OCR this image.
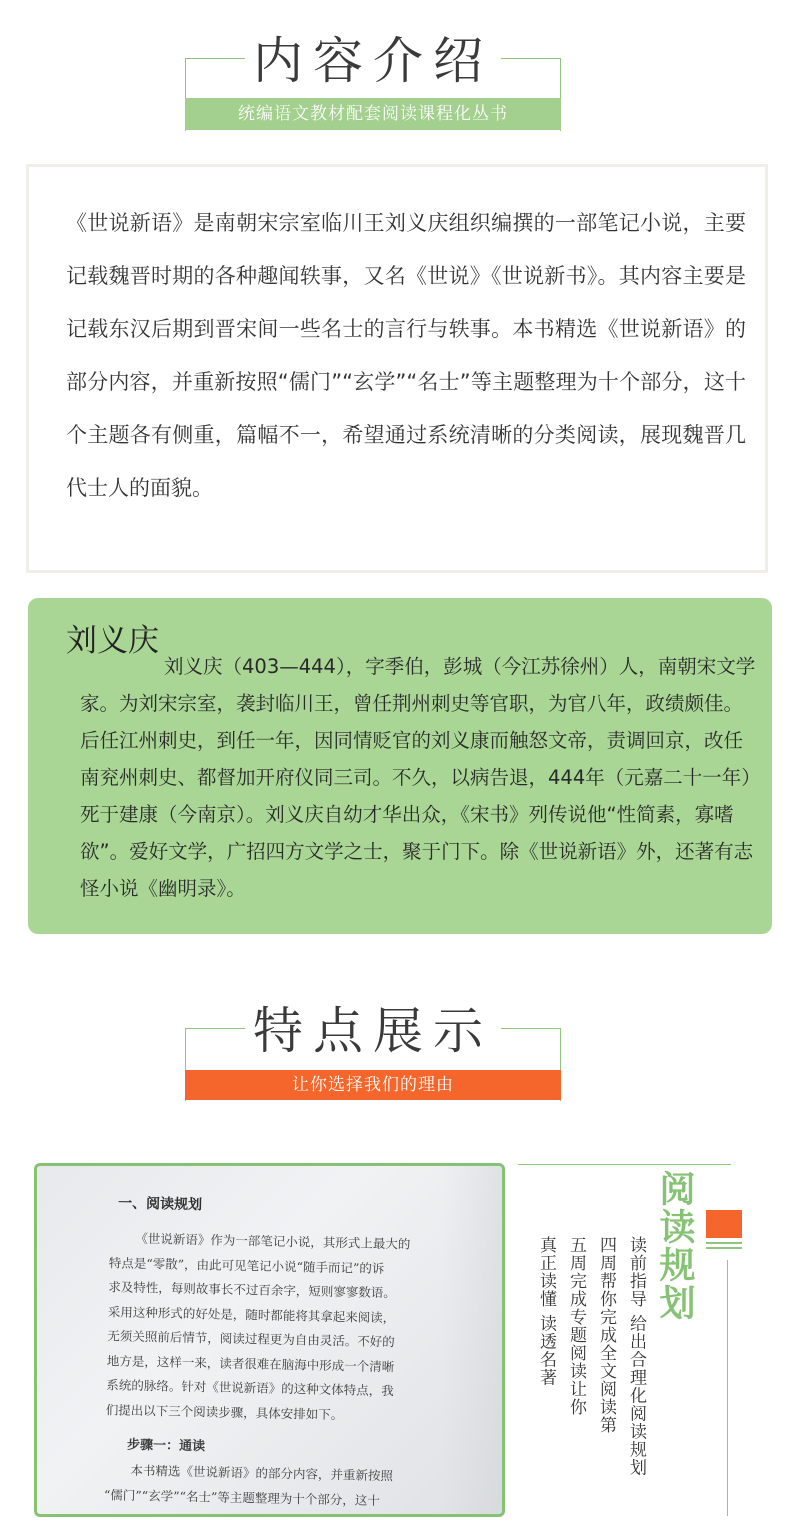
内容介绍
统编语文教材配套阅读课程化丛书

《世说新语》是南朝宋宗室临川王刘义庆组织编撰的一部笔记小说，主要记载魏晋时期的各种趣闻轶事，又名《世说》《世说新书》。其内容主要是记载东汉后期到晋宋间一些名士的言行与轶事。本书精选《世说新语》的部分内容，并重新按照“儒门”“玄学”“名士”等主题整理为十个部分，这十个主题各有侧重，篇幅不一，希望通过系统清晰的分类阅读，展现魏晋几代士人的面貌。

刘义庆

刘义庆（403—444），字季伯，彭城（今江苏徐州）人，南朝宋文学家。为刘宋宗室，袭封临川王，曾任荆州刺史等官职，为官八年，政绩颇佳。后任江州刺史，到任一年，因同情贬官的刘义康而触怒文帝，责调回京，改任南兖州刺史、都督加开府仪同三司。不久，以病告退，444年（元嘉二十一年）死于建康（今南京）。刘义庆自幼才华出众，《宋书》列传说他“性简素，寡嗜欲”。爱好文学，广招四方文学之士，聚于门下。除《世说新语》外，还著有志怪小说《幽明录》。

特点展示
让你选择我们的理由
一、阅读规划
《世说新语》作为一部笔记小说，其形式上最大的
特点是“零散”，由此可见笔记小说“随手而记”的诉
求及特性，每则故事长不过百余字，短则寥寥数语。
采用这种形式的好处是，随时都能将其拿起来阅读，
无须关照前后情节，阅读过程更为自由灵活。不好的
地方是，这样一来，读者很难在脑海中形成一个清晰
系统的脉络。针对《世说新语》的这种文体特点，我
们提出以下三个阅读步骤，具体安排如下。
步骤一：通读
本书精选《世说新语》的部分内容，并重新按照
“儒门”“玄学”“名士”等主题整理为十个部分，这十
阅读规划
读前指导 给出合理化阅读规划
四周帮你完成全文阅读第
五周完成专题阅读让你
真正读懂 读透名著
